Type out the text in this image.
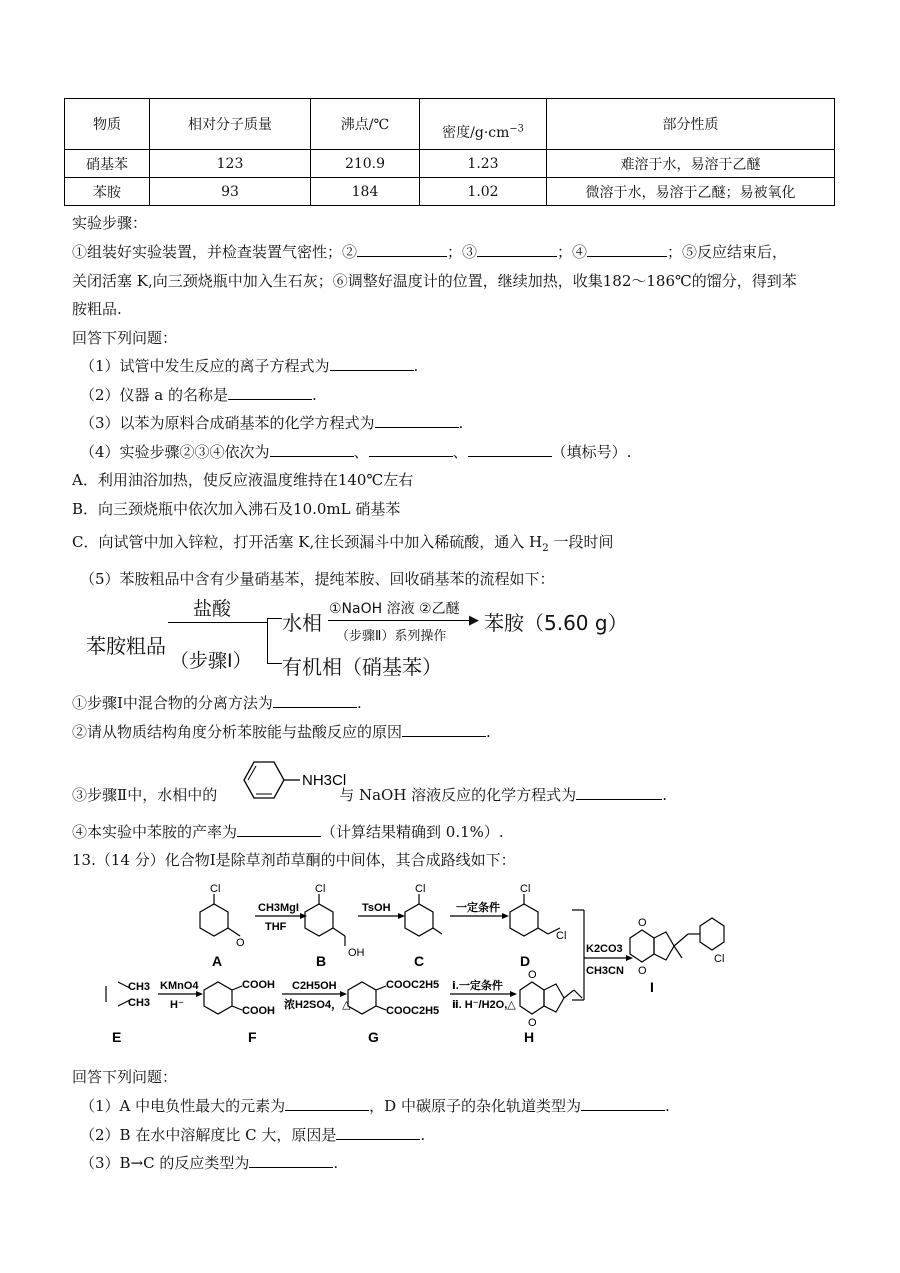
物质	相对分子质量	沸点/℃	密度$/g\cdot cm^{-3}$	部分性质
硝基苯	123	210.9	1.23	难溶于水，易溶于乙醚
苯胺	93	184	1.02	微溶于水，易溶于乙醚；易被氧化
实验步骤：
①组装好实验装置，并检查装置气密性；②	；③	；④	；⑤反应结束后，
关闭活塞 K,向三颈烧瓶中加入生石灰；⑥调整好温度计的位置，继续加热，收集182～186℃的馏分，得到苯
胺粗品.
回答下列问题：
（1）试管中发生反应的离子方程式为	.
（2）仪器 a 的名称是	.
（3）以苯为原料合成硝基苯的化学方程式为	.
（4）实验步骤②③④依次为	、	、	（填标号）.
A．利用油浴加热，使反应液温度维持在140℃左右
B．向三颈烧瓶中依次加入沸石及10.0mL 硝基苯
C．向试管中加入锌粒，打开活塞 K,往长颈漏斗中加入稀硫酸，通入 $H_2$ 一段时间
（5）苯胺粗品中含有少量硝基苯，提纯苯胺、回收硝基苯的流程如下：
苯胺粗品
盐酸
（步骤Ⅰ）
水相
①NaOH 溶液 ②乙醚
▶
（步骤Ⅱ）系列操作
苯胺（5.60 g）
有机相（硝基苯）
①步骤Ⅰ中混合物的分离方法为	.
②请从物质结构角度分析苯胺能与盐酸反应的原因	.
③步骤Ⅱ中，水相中的	与 NaOH 溶液反应的化学方程式为	.
NH3Cl
④本实验中苯胺的产率为	（计算结果精确到 0.1%）.
13.（14 分）化合物Ⅰ是除草剂茚草酮的中间体，其合成路线如下：
Cl
O
A
CH3MgI
THF
Cl
OH
B
TsOH
Cl
C
一定条件
Cl
Cl
D
K2CO3
CH3CN
O
O
Cl
I
CH3
CH3
E
KMnO4
H⁻
COOH
COOH
F
C2H5OH
浓H2SO4，△
COOC2H5
COOC2H5
G
ⅰ.一定条件
ⅱ. H⁻/H2O,△
O
O
H
回答下列问题：
（1）A 中电负性最大的元素为	，D 中碳原子的杂化轨道类型为	.
（2）B 在水中溶解度比 C 大，原因是	.
（3）B→C 的反应类型为	.
